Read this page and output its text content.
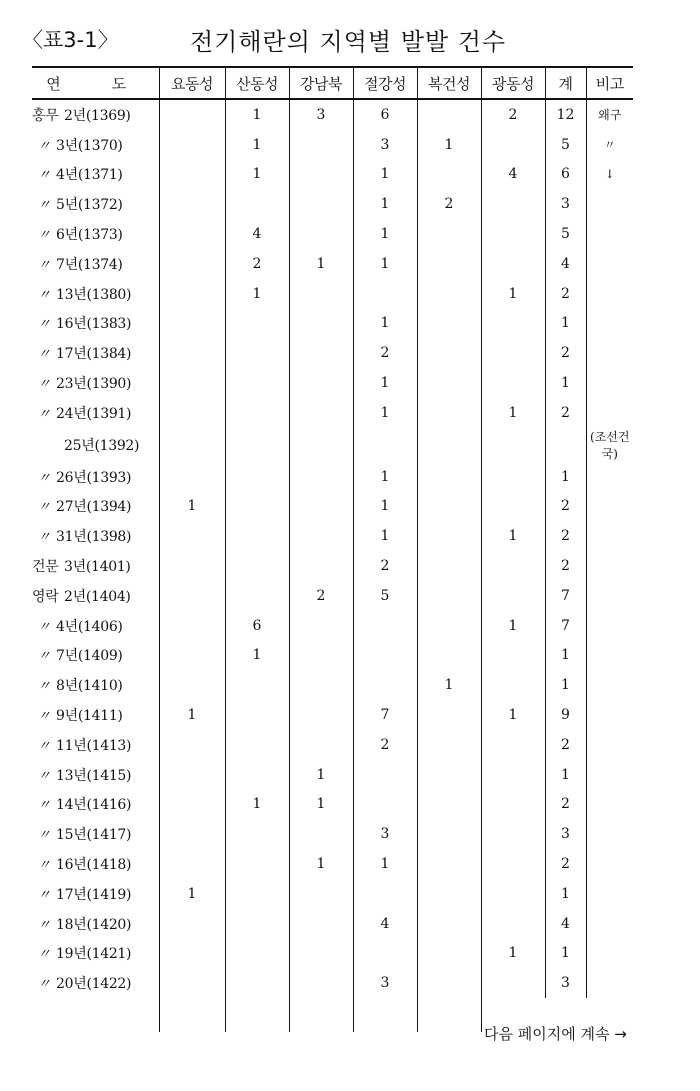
〈표3-1〉	전기해란의 지역별 발발 건수
연　도	요동성	산동성	강남북	절강성	복건성	광동성	계	비고
홍무 2년(1369)		1	3	6		2	12	왜구
〃 3년(1370)		1		3	1		5	〃
〃 4년(1371)		1		1		4	6	↓
〃 5년(1372)				1	2		3	
〃 6년(1373)		4		1			5	
〃 7년(1374)		2	1	1			4	
〃 13년(1380)		1				1	2	
〃 16년(1383)				1			1	
〃 17년(1384)				2			2	
〃 23년(1390)				1			1	
〃 24년(1391)				1		1	2	
25년(1392)								(조선건국)
〃 26년(1393)				1			1	
〃 27년(1394)	1			1			2	
〃 31년(1398)				1		1	2	
건문 3년(1401)				2			2	
영락 2년(1404)			2	5			7	
〃 4년(1406)		6				1	7	
〃 7년(1409)		1					1	
〃 8년(1410)					1		1	
〃 9년(1411)	1			7		1	9	
〃 11년(1413)				2			2	
〃 13년(1415)			1				1	
〃 14년(1416)		1	1				2	
〃 15년(1417)				3			3	
〃 16년(1418)			1	1			2	
〃 17년(1419)	1						1	
〃 18년(1420)				4			4	
〃 19년(1421)						1	1	
〃 20년(1422)				3			3	

다음 페이지에 계속 →
